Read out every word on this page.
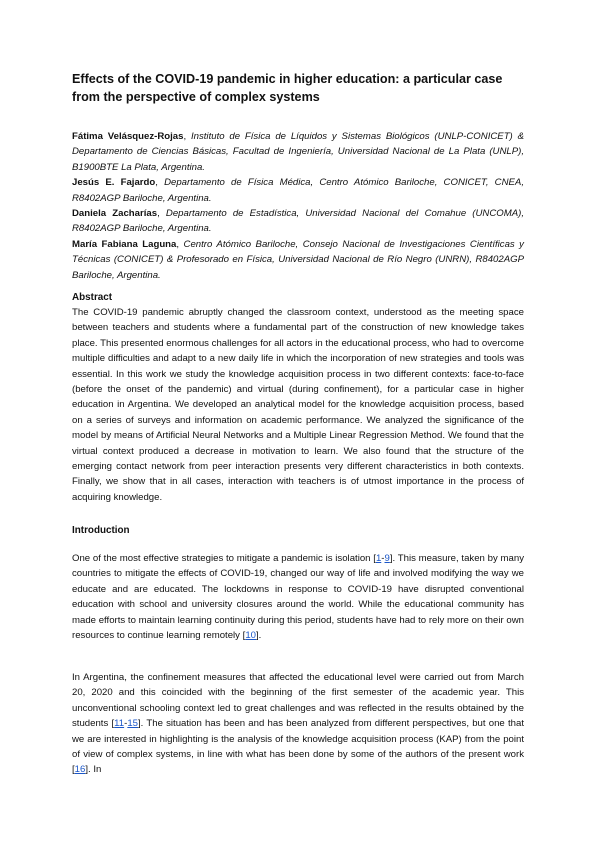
Effects of the COVID-19 pandemic in higher education: a particular case from the perspective of complex systems

Fátima Velásquez-Rojas, Instituto de Física de Líquidos y Sistemas Biológicos (UNLP-CONICET) & Departamento de Ciencias Básicas, Facultad de Ingeniería, Universidad Nacional de La Plata (UNLP), B1900BTE La Plata, Argentina.

Jesús E. Fajardo, Departamento de Física Médica, Centro Atómico Bariloche, CONICET, CNEA, R8402AGP Bariloche, Argentina.

Daniela Zacharías, Departamento de Estadística, Universidad Nacional del Comahue (UNCOMA), R8402AGP Bariloche, Argentina.

María Fabiana Laguna, Centro Atómico Bariloche, Consejo Nacional de Investigaciones Científicas y Técnicas (CONICET) & Profesorado en Física, Universidad Nacional de Río Negro (UNRN), R8402AGP Bariloche, Argentina.

Abstract

The COVID-19 pandemic abruptly changed the classroom context, understood as the meeting space between teachers and students where a fundamental part of the construction of new knowledge takes place. This presented enormous challenges for all actors in the educational process, who had to overcome multiple difficulties and adapt to a new daily life in which the incorporation of new strategies and tools was essential. In this work we study the knowledge acquisition process in two different contexts: face-to-face (before the onset of the pandemic) and virtual (during confinement), for a particular case in higher education in Argentina. We developed an analytical model for the knowledge acquisition process, based on a series of surveys and information on academic performance. We analyzed the significance of the model by means of Artificial Neural Networks and a Multiple Linear Regression Method. We found that the virtual context produced a decrease in motivation to learn. We also found that the structure of the emerging contact network from peer interaction presents very different characteristics in both contexts. Finally, we show that in all cases, interaction with teachers is of utmost importance in the process of acquiring knowledge.

Introduction

One of the most effective strategies to mitigate a pandemic is isolation [1-9]. This measure, taken by many countries to mitigate the effects of COVID-19, changed our way of life and involved modifying the way we educate and are educated. The lockdowns in response to COVID-19 have disrupted conventional education with school and university closures around the world. While the educational community has made efforts to maintain learning continuity during this period, students have had to rely more on their own resources to continue learning remotely [10].

In Argentina, the confinement measures that affected the educational level were carried out from March 20, 2020 and this coincided with the beginning of the first semester of the academic year. This unconventional schooling context led to great challenges and was reflected in the results obtained by the students [11-15]. The situation has been and has been analyzed from different perspectives, but one that we are interested in highlighting is the analysis of the knowledge acquisition process (KAP) from the point of view of complex systems, in line with what has been done by some of the authors of the present work [16]. In
